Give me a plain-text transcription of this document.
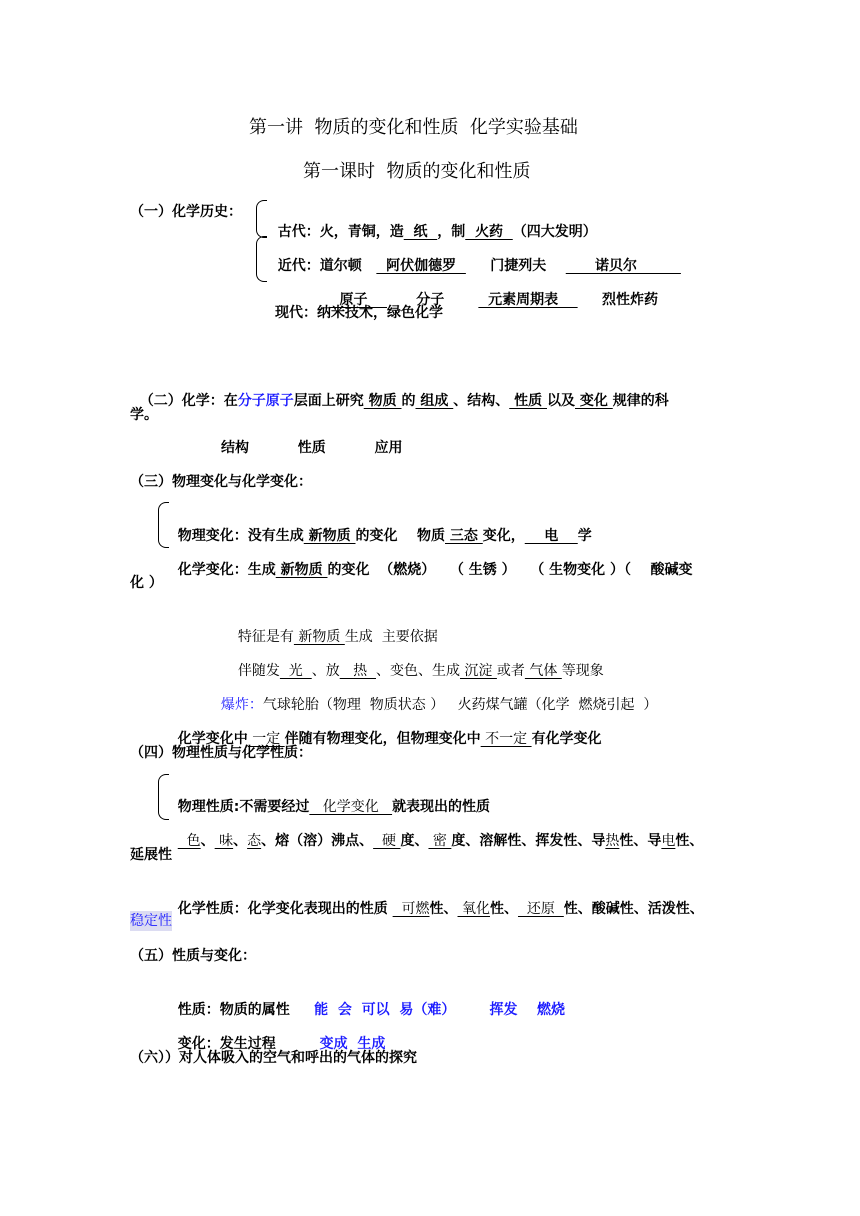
第一讲  物质的变化和性质  化学实验基础
第一课时  物质的变化和性质
（一）化学历史：

古代：火，青铜，造  纸  ，制  火药  （四大发明）

近代：道尔顿     阿伏伽德罗       门捷列夫          诺贝尔

原子          分子         元素周期表         烈性炸药

现代：纳米技术，绿色化学

（二）化学：在分子原子层面上研究 物质 的 组成 、结构、 性质 以及 变化 规律的科

学。
结构          性质          应用
（三）物理变化与化学变化：

物理变化：没有生成 新物质 的变化    物质 三态 变化，    电    学

化学变化：生成 新物质 的变化  （燃烧）   （ 生锈 ）   （ 生物变化 ）（    酸碱变

化 ）

特征是有 新物质 生成  主要依据

伴随发  光  、放   热  、变色、生成 沉淀 或者 气体 等现象

爆炸：气球轮胎（物理  物质状态 ）   火药煤气罐（化学  燃烧引起  ）

化学变化中 一定 伴随有物理变化，但物理变化中 不一定 有化学变化

（四）物理性质与化学性质：

物理性质:不需要经过   化学变化   就表现出的性质

色、 味、态、熔（溶）沸点、  硬 度、 密 度、溶解性、挥发性、导热性、导电性、

延展性

化学性质：化学变化表现出的性质   可燃性、 氧化性、  还原  性、酸碱性、活泼性、

稳定性
（五）性质与变化：

性质：物质的属性     能  会  可以  易（难）       挥发    燃烧

变化：发生过程         变成  生成

（六））对人体吸入的空气和呼出的气体的探究
